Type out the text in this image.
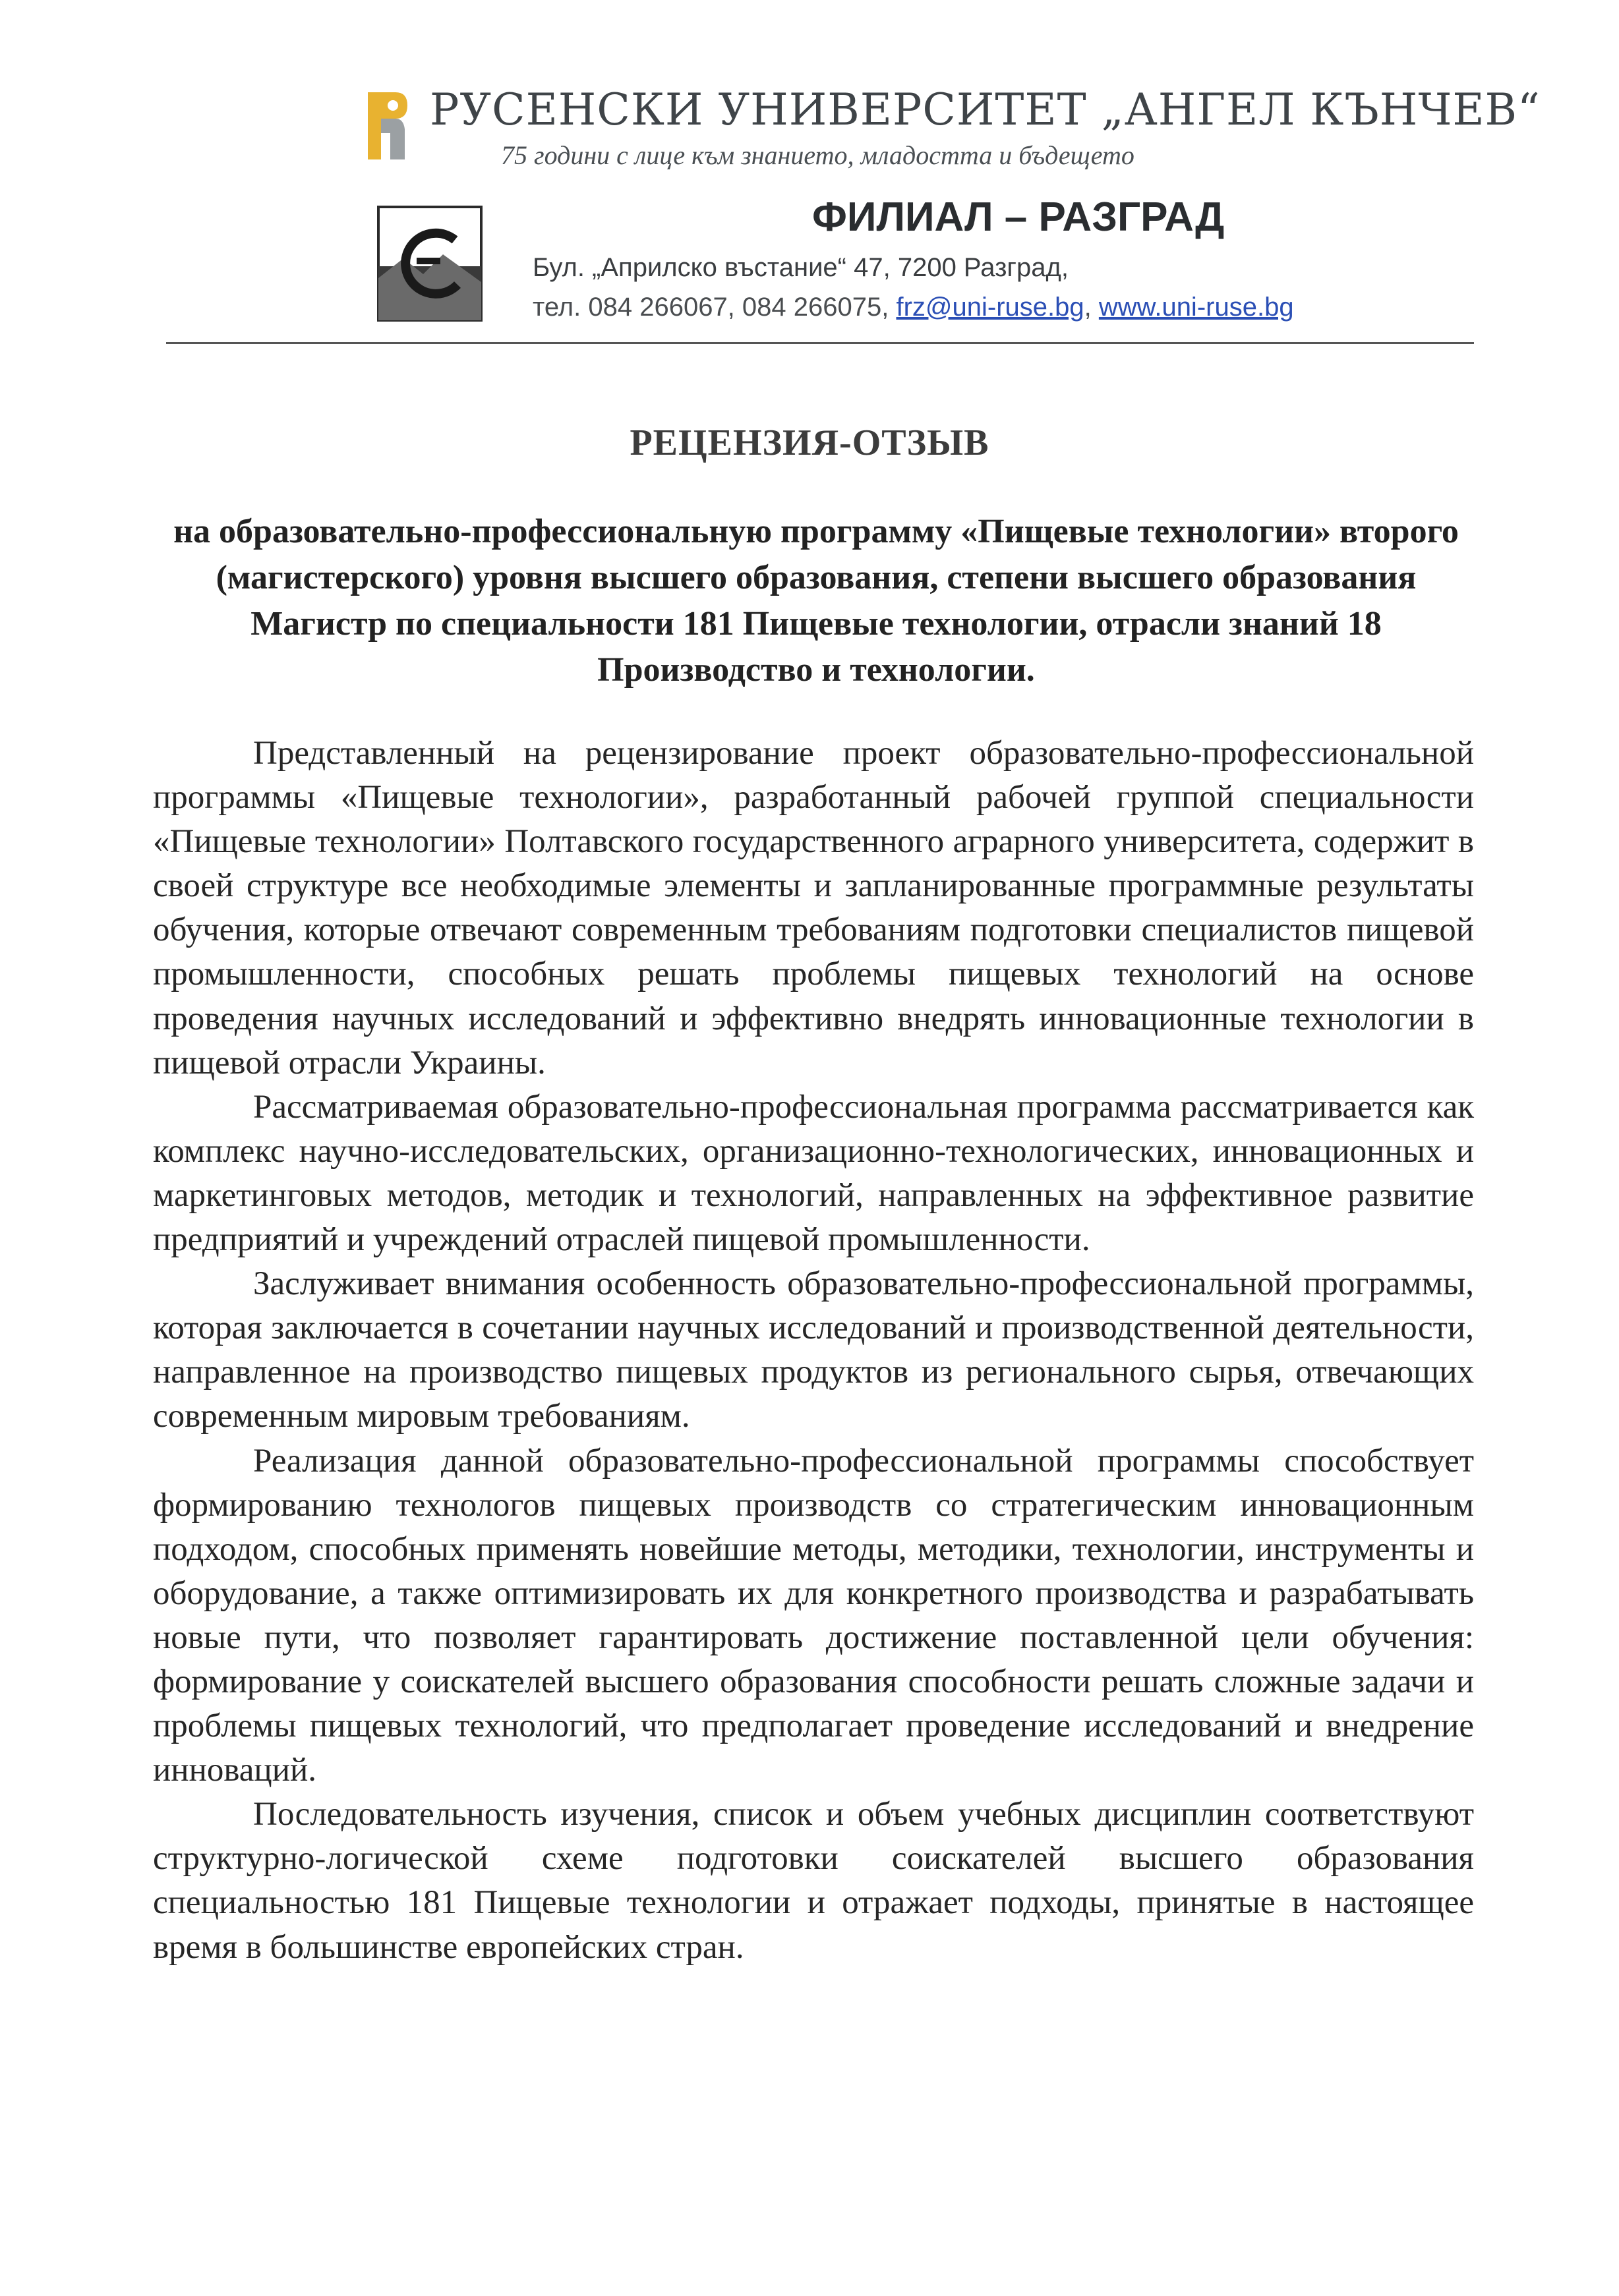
РУСЕНСКИ УНИВЕРСИТЕТ „АНГЕЛ КЪНЧЕВ“
75 години с лице към знанието, младостта и бъдещето
ФИЛИАЛ – РАЗГРАД
Бул. „Априлско въстание“ 47, 7200 Разград,
тел. 084 266067, 084 266075, frz@uni-ruse.bg, www.uni-ruse.bg
РЕЦЕНЗИЯ-ОТЗЫВ
на образовательно-профессиональную программу «Пищевые технологии» второго (магистерского) уровня высшего образования, степени высшего образования Магистр по специальности 181 Пищевые технологии, отрасли знаний 18 Производство и технологии.

Представленный на рецензирование проект образовательно-профессиональной программы «Пищевые технологии», разработанный рабочей группой специальности «Пищевые технологии» Полтавского государственного аграрного университета, содержит в своей структуре все необходимые элементы и запланированные программные результаты обучения, которые отвечают современным требованиям подготовки специалистов пищевой промышленности, способных решать проблемы пищевых технологий на основе проведения научных исследований и эффективно внедрять инновационные технологии в пищевой отрасли Украины.

Рассматриваемая образовательно-профессиональная программа рассматривается как комплекс научно-исследовательских, организационно-технологических, инновационных и маркетинговых методов, методик и технологий, направленных на эффективное развитие предприятий и учреждений отраслей пищевой промышленности.

Заслуживает внимания особенность образовательно-профессиональной программы, которая заключается в сочетании научных исследований и производственной деятельности, направленное на производство пищевых продуктов из регионального сырья, отвечающих современным мировым требованиям.

Реализация данной образовательно-профессиональной программы способствует формированию технологов пищевых производств со стратегическим инновационным подходом, способных применять новейшие методы, методики, технологии, инструменты и оборудование, а также оптимизировать их для конкретного производства и разрабатывать новые пути, что позволяет гарантировать достижение поставленной цели обучения: формирование у соискателей высшего образования способности решать сложные задачи и проблемы пищевых технологий, что предполагает проведение исследований и внедрение инноваций.

Последовательность изучения, список и объем учебных дисциплин соответствуют структурно-логической схеме подготовки соискателей высшего образования специальностью 181 Пищевые технологии и отражает подходы, принятые в настоящее время в большинстве европейских стран.
